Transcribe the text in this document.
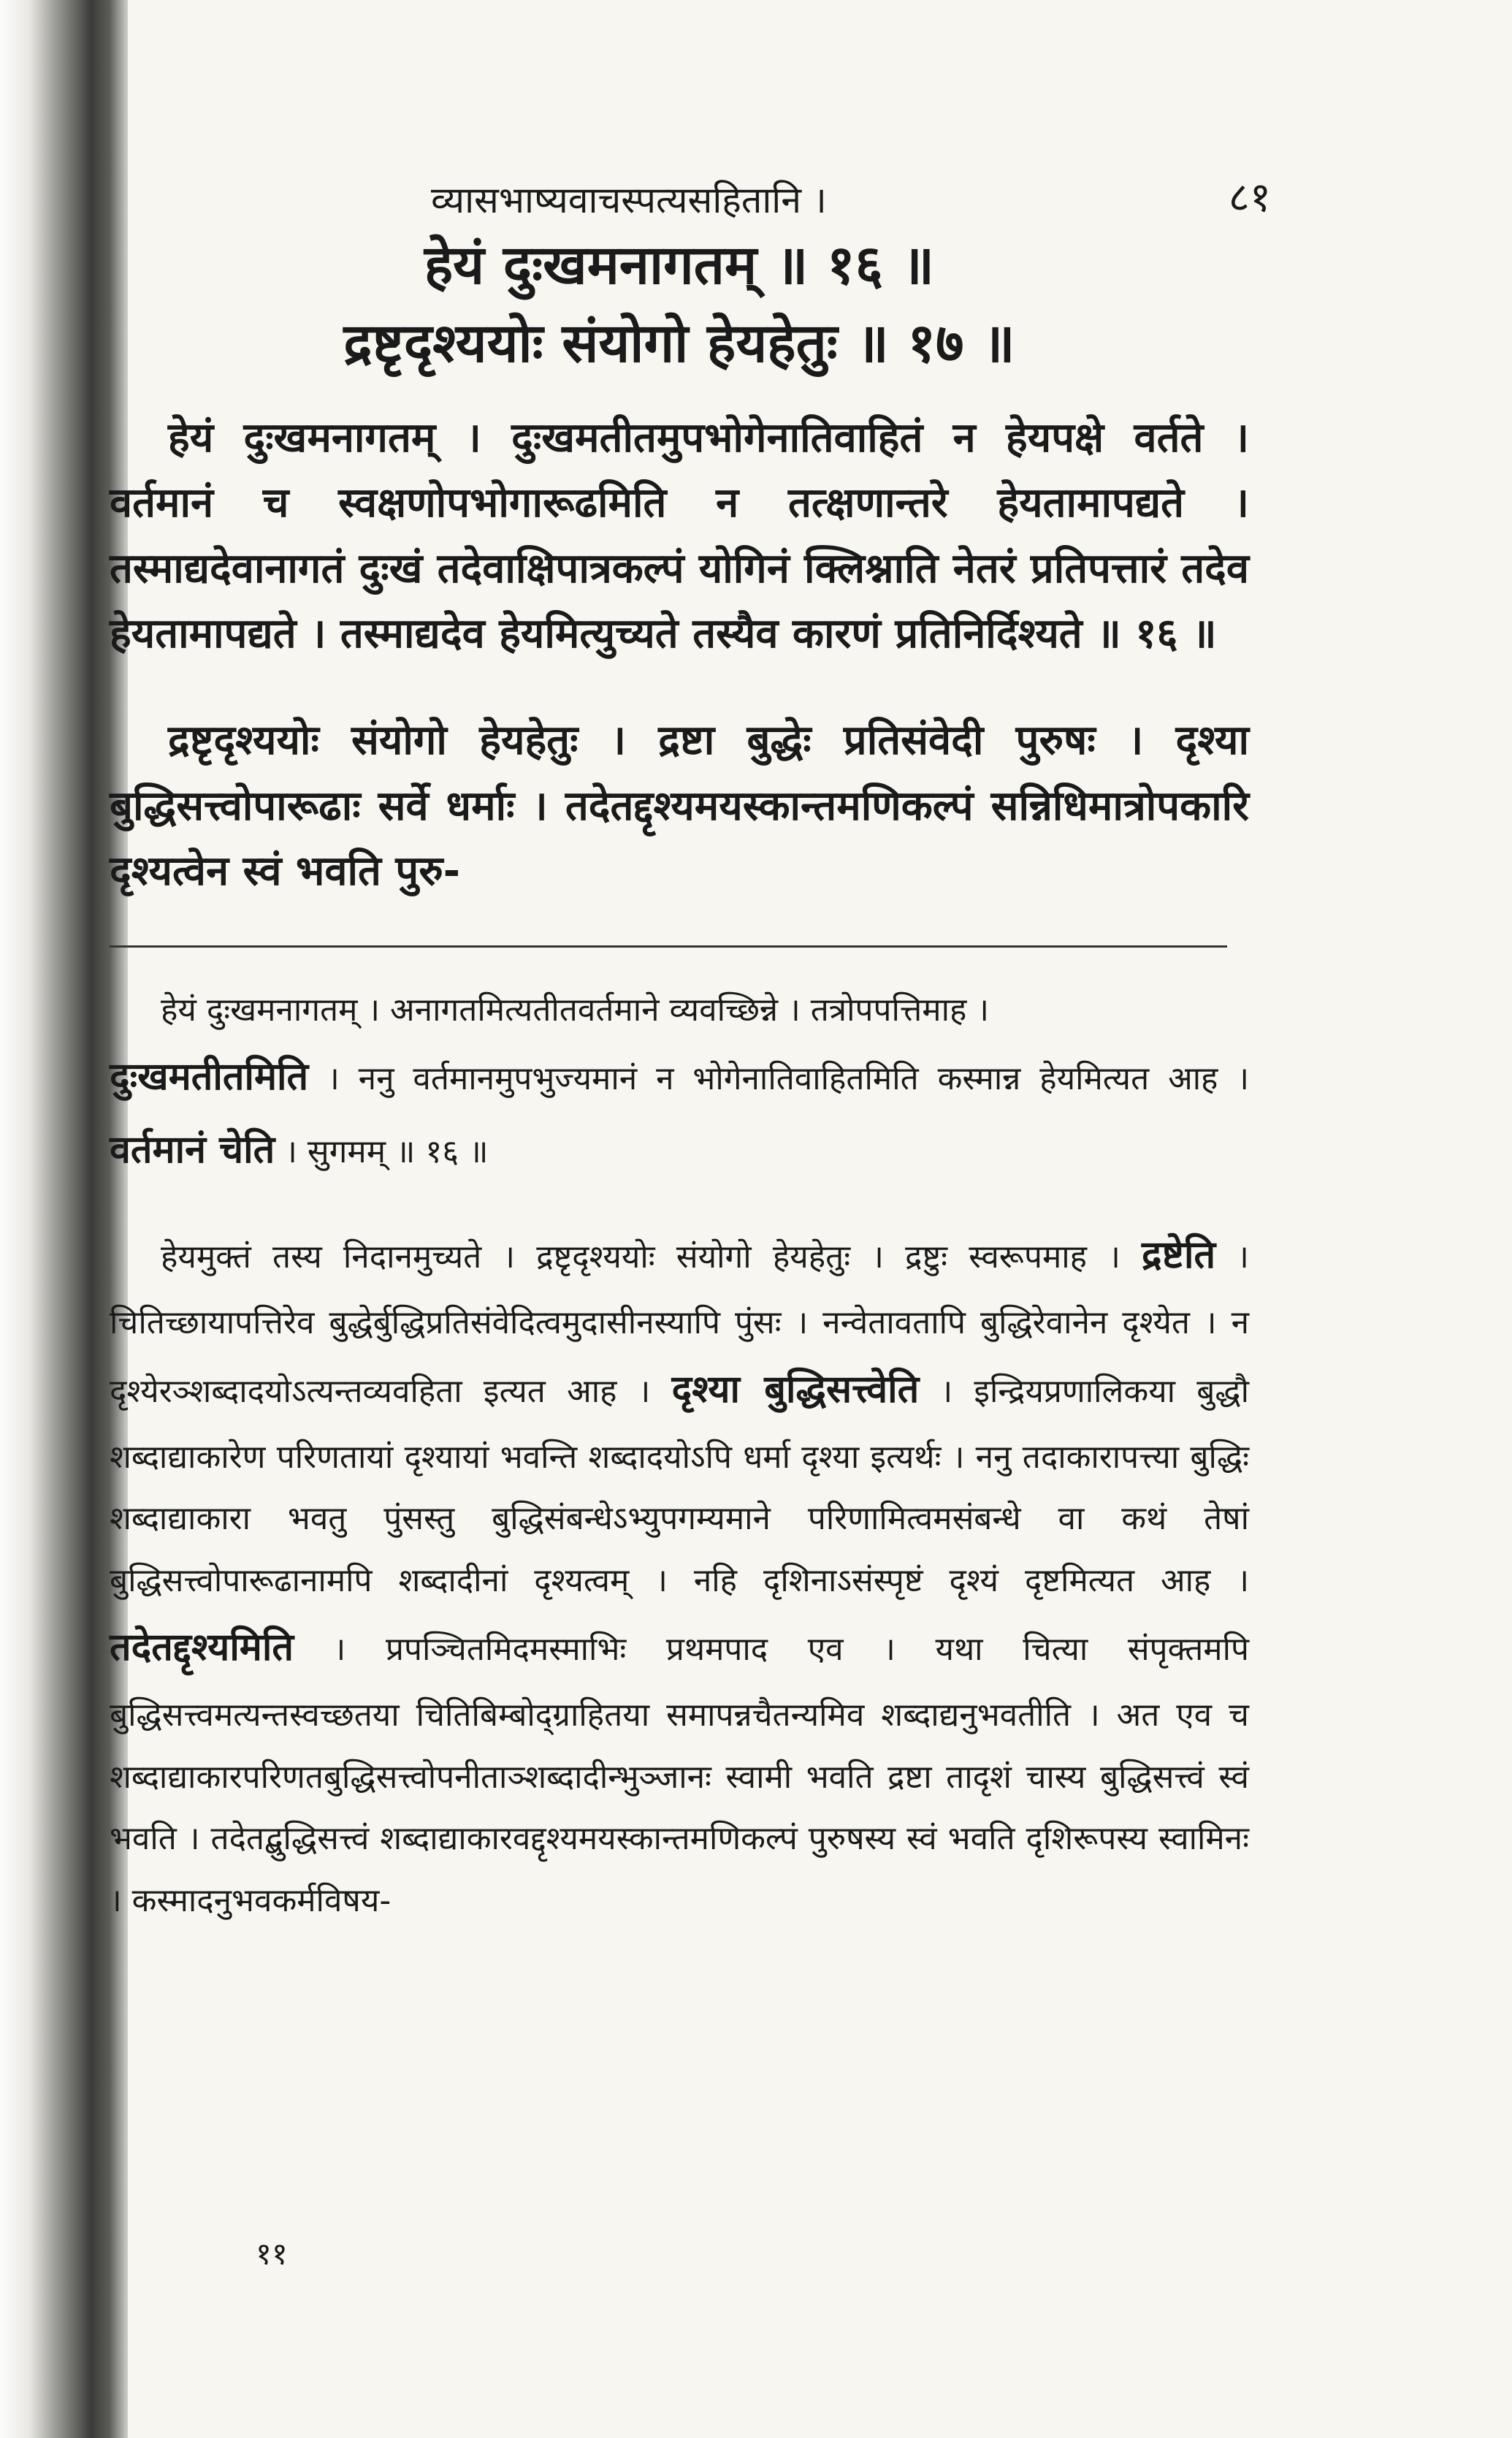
व्यासभाष्यवाचस्पत्यसहितानि ।	८१
हेयं दुःखमनागतम् ॥ १६ ॥
द्रष्टृदृश्ययोः संयोगो हेयहेतुः ॥ १७ ॥

हेयं दुःखमनागतम् । दुःखमतीतमुपभोगेनातिवाहितं न हेयपक्षे वर्तते । वर्तमानं च स्वक्षणोपभोगारूढमिति न तत्क्षणान्तरे हेयतामापद्यते । तस्माद्यदेवानागतं दुःखं तदेवाक्षिपात्रकल्पं योगिनं क्लिश्नाति नेतरं प्रतिपत्तारं तदेव हेयतामापद्यते । तस्माद्यदेव हेयमित्युच्यते तस्यैव कारणं प्रतिनिर्दिश्यते ॥ १६ ॥

द्रष्टृदृश्ययोः संयोगो हेयहेतुः । द्रष्टा बुद्धेः प्रतिसंवेदी पुरुषः । दृश्या बुद्धिसत्त्वोपारूढाः सर्वे धर्माः । तदेतद्दृश्यमयस्कान्तमणिकल्पं सन्निधिमात्रोपकारि दृश्यत्वेन स्वं भवति पुरु-

हेयं दुःखमनागतम् । अनागतमित्यतीतवर्तमाने व्यवच्छिन्ने । तत्रोपपत्तिमाह ।
दुःखमतीतमिति । ननु वर्तमानमुपभुज्यमानं न भोगेनातिवाहितमिति कस्मान्न हेयमित्यत आह । वर्तमानं चेति । सुगमम् ॥ १६ ॥

हेयमुक्तं तस्य निदानमुच्यते । द्रष्टृदृश्ययोः संयोगो हेयहेतुः । द्रष्टुः स्वरूपमाह । द्रष्टेति । चितिच्छायापत्तिरेव बुद्धेर्बुद्धिप्रतिसंवेदित्वमुदासीनस्यापि पुंसः । नन्वेतावतापि बुद्धिरेवानेन दृश्येत । न दृश्येरञ्शब्दादयोऽत्यन्तव्यवहिता इत्यत आह । दृश्या बुद्धिसत्त्वेति । इन्द्रियप्रणालिकया बुद्धौ शब्दाद्याकारेण परिणतायां दृश्यायां भवन्ति शब्दादयोऽपि धर्मा दृश्या इत्यर्थः । ननु तदाकारापत्त्या बुद्धिः शब्दाद्याकारा भवतु पुंसस्तु बुद्धिसंबन्धेऽभ्युपगम्यमाने परिणामित्वमसंबन्धे वा कथं तेषां बुद्धिसत्त्वोपारूढानामपि शब्दादीनां दृश्यत्वम् । नहि दृशिनाऽसंस्पृष्टं दृश्यं दृष्टमित्यत आह । तदेतद्दृश्यमिति । प्रपञ्चितमिदमस्माभिः प्रथमपाद एव । यथा चित्या संपृक्तमपि बुद्धिसत्त्वमत्यन्तस्वच्छतया चितिबिम्बोद्ग्राहितया समापन्नचैतन्यमिव शब्दाद्यनुभवतीति । अत एव च शब्दाद्याकारपरिणतबुद्धिसत्त्वोपनीताञ्शब्दादीन्भुञ्जानः स्वामी भवति द्रष्टा तादृशं चास्य बुद्धिसत्त्वं स्वं भवति । तदेतद्बुद्धिसत्त्वं शब्दाद्याकारवद्दृश्यमयस्कान्तमणिकल्पं पुरुषस्य स्वं भवति दृशिरूपस्य स्वामिनः । कस्मादनुभवकर्मविषय-

११
